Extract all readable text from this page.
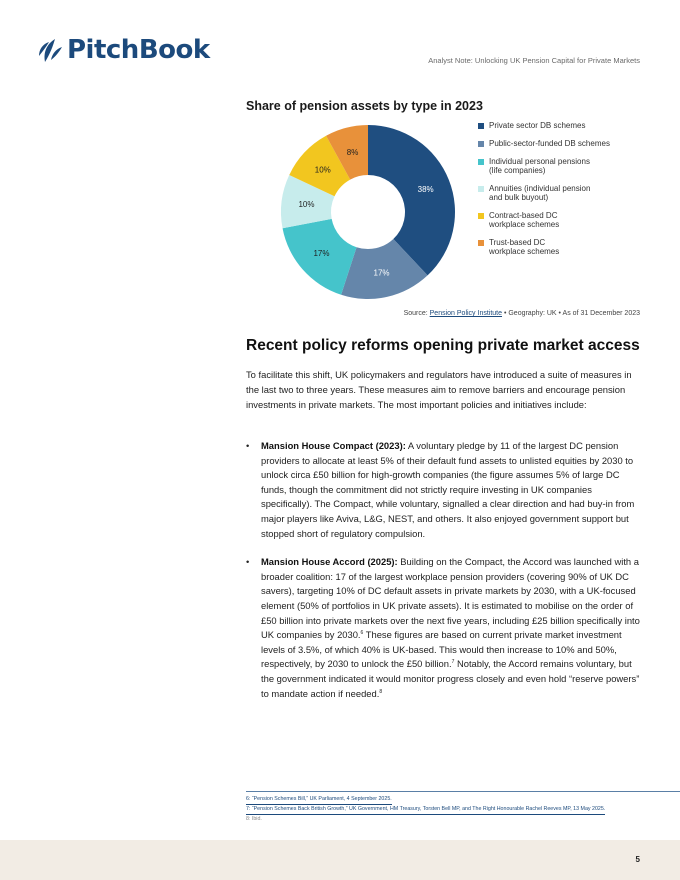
PitchBook	Analyst Note: Unlocking UK Pension Capital for Private Markets
Share of pension assets by type in 2023
38%
17%
17%
10%
10%
8%
Private sector DB schemes
Public-sector-funded DB schemes
Individual personal pensions
(life companies)
Annuities (individual pension
and bulk buyout)
Contract-based DC
workplace schemes
Trust-based DC
workplace schemes
Source: Pension Policy Institute • Geography: UK • As of 31 December 2023
Recent policy reforms opening private market access

To facilitate this shift, UK policymakers and regulators have introduced a suite of measures in the last two to three years. These measures aim to remove barriers and encourage pension investments in private markets. The most important policies and initiatives include:

• Mansion House Compact (2023): A voluntary pledge by 11 of the largest DC pension providers to allocate at least 5% of their default fund assets to unlisted equities by 2030 to unlock circa £50 billion for high-growth companies (the figure assumes 5% of large DC funds, though the commitment did not strictly require investing in UK companies specifically). The Compact, while voluntary, signalled a clear direction and had buy-in from major players like Aviva, L&G, NEST, and others. It also enjoyed government support but stopped short of regulatory compulsion.
• Mansion House Accord (2025): Building on the Compact, the Accord was launched with a broader coalition: 17 of the largest workplace pension providers (covering 90% of UK DC savers), targeting 10% of DC default assets in private markets by 2030, with a UK-focused element (50% of portfolios in UK private assets). It is estimated to mobilise on the order of £50 billion into private markets over the next five years, including £25 billion specifically into UK companies by 2030.$^6$ These figures are based on current private market investment levels of 3.5%, of which 40% is UK-based. This would then increase to 10% and 50%, respectively, by 2030 to unlock the £50 billion.$^7$ Notably, the Accord remains voluntary, but the government indicated it would monitor progress closely and even hold “reserve powers” to mandate action if needed.$^8$
6: “Pension Schemes Bill,” UK Parliament, 4 September 2025.
7: “Pension Schemes Back British Growth,” UK Government, HM Treasury, Torsten Bell MP, and The Right Honourable Rachel Reeves MP, 13 May 2025.
8: Ibid.
5
